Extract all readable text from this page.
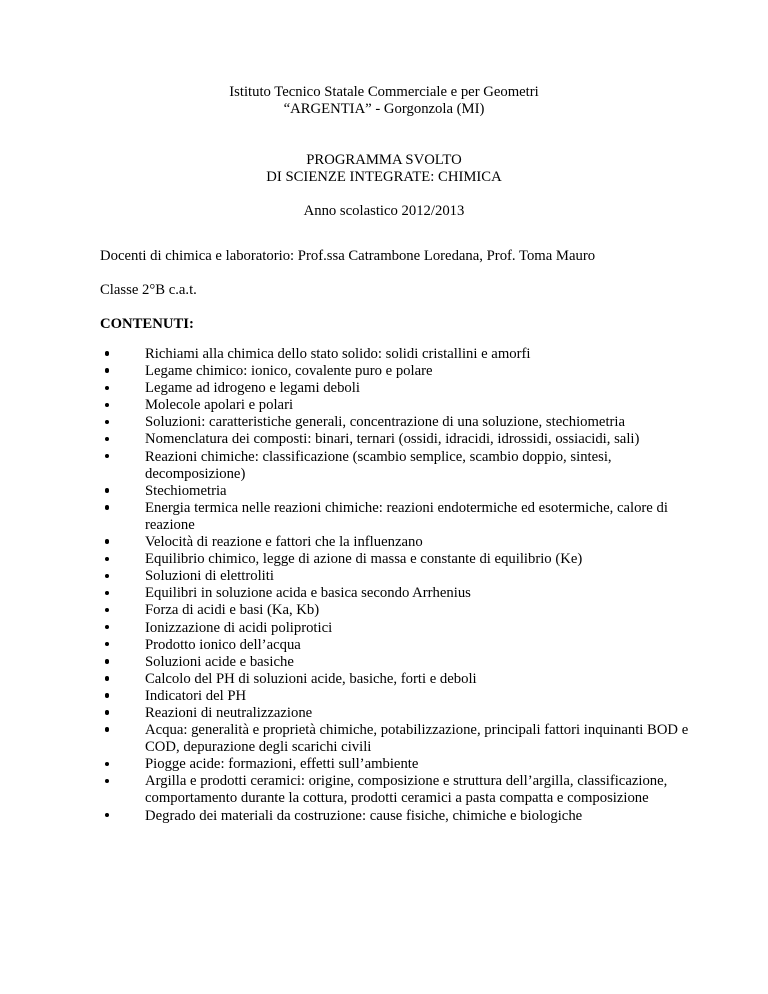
Istituto Tecnico Statale Commerciale e per Geometri
“ARGENTIA” - Gorgonzola (MI)
PROGRAMMA SVOLTO
DI SCIENZE INTEGRATE: CHIMICA
Anno scolastico 2012/2013
Docenti di chimica e laboratorio: Prof.ssa Catrambone Loredana, Prof. Toma Mauro
Classe 2°B c.a.t.
CONTENUTI:
Richiami alla chimica dello stato solido: solidi cristallini e amorfi
Legame chimico: ionico, covalente puro e polare
Legame ad idrogeno e legami deboli
Molecole apolari e polari
Soluzioni: caratteristiche generali, concentrazione di una soluzione, stechiometria
Nomenclatura dei composti: binari, ternari (ossidi, idracidi, idrossidi, ossiacidi, sali)
Reazioni chimiche: classificazione (scambio semplice, scambio doppio, sintesi, decomposizione)
Stechiometria
Energia termica nelle reazioni chimiche: reazioni endotermiche ed esotermiche, calore di reazione
Velocità di reazione e fattori che la influenzano
Equilibrio chimico, legge di azione di massa e constante di equilibrio (Ke)
Soluzioni di elettroliti
Equilibri in soluzione acida e basica secondo Arrhenius
Forza di acidi e basi (Ka, Kb)
Ionizzazione di acidi poliprotici
Prodotto ionico dell’acqua
Soluzioni acide e basiche
Calcolo del PH di soluzioni acide, basiche, forti e deboli
Indicatori del PH
Reazioni di neutralizzazione
Acqua: generalità e proprietà chimiche, potabilizzazione, principali fattori inquinanti BOD e COD, depurazione degli scarichi civili
Piogge acide: formazioni, effetti sull’ambiente
Argilla e prodotti ceramici: origine, composizione e struttura dell’argilla, classificazione, comportamento durante la cottura, prodotti ceramici a pasta compatta e composizione
Degrado dei materiali da costruzione: cause fisiche, chimiche e biologiche
